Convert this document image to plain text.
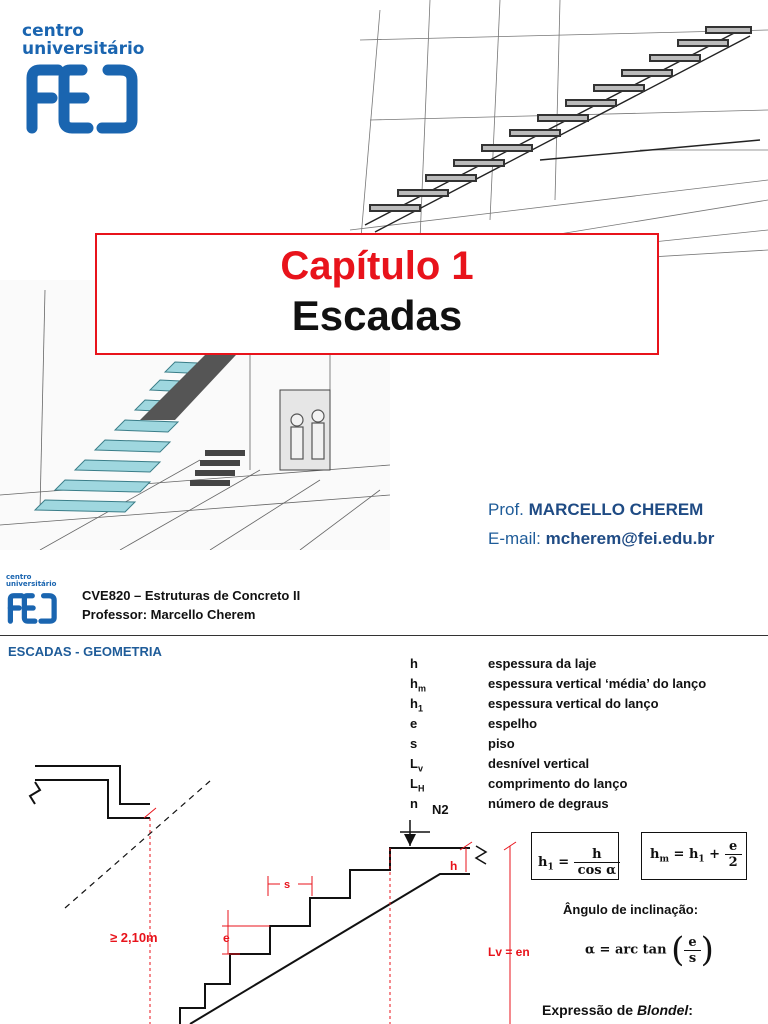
centro
universitário
Capítulo 1
Escadas
Prof. MARCELLO CHEREM
E-mail: mcherem@fei.edu.br
centro
universitário
CVE820 – Estruturas de Concreto II
Professor: Marcello Cherem
ESCADAS - GEOMETRIA
h	espessura da laje
$h_m$	espessura vertical ‘média’ do lanço
$h_1$	espessura vertical do lanço
e	espelho
s	piso
$L_v$	desnível vertical
$L_H$	comprimento do lanço
n	número de degraus
$h_1 = \frac{h}{\text{cos α}} h_m = h_1 + \frac{e}{2}$
Ângulo de inclinação:
α = arc tan ( $\frac{e}{s}$ )
Expressão de Blondel:
≥ 2,10m
N2
s
e
h
Lv = en
